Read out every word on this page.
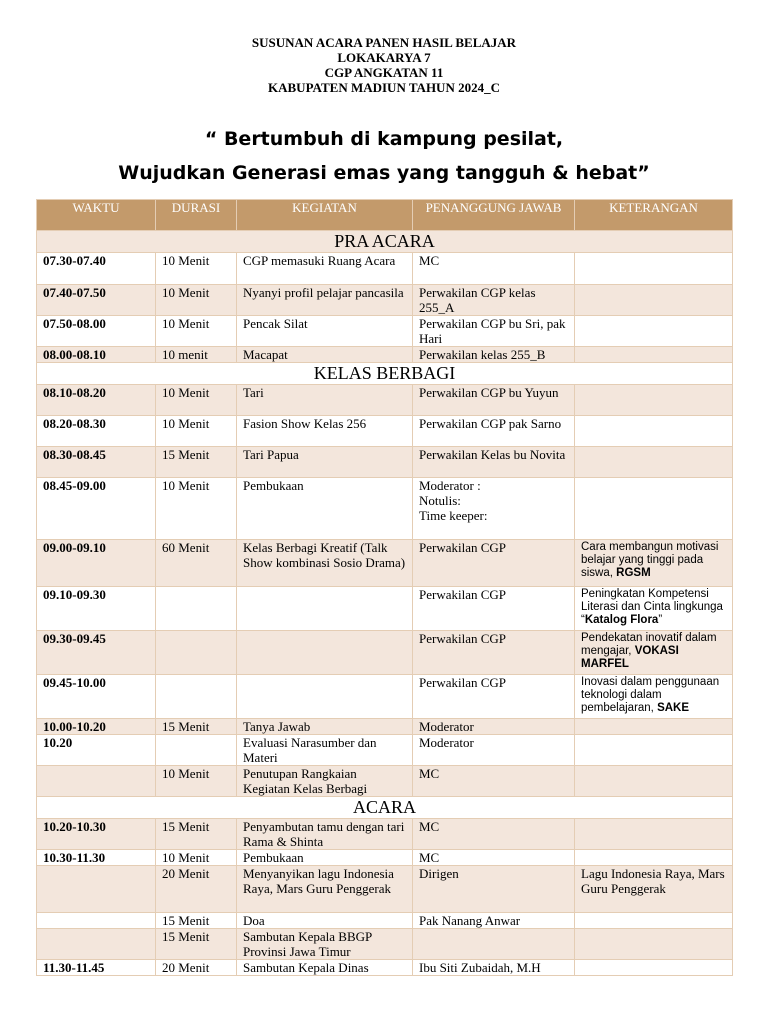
SUSUNAN ACARA PANEN HASIL BELAJAR
LOKAKARYA 7
CGP ANGKATAN 11
KABUPATEN MADIUN TAHUN 2024_C
“ Bertumbuh di kampung pesilat,
Wujudkan Generasi emas yang tangguh & hebat”
WAKTU	DURASI	KEGIATAN	PENANGGUNG JAWAB	KETERANGAN
PRA ACARA				
07.30-07.40	10 Menit	CGP memasuki Ruang Acara	MC	
07.40-07.50	10 Menit	Nyanyi profil pelajar pancasila	Perwakilan CGP kelas 255_A	
07.50-08.00	10 Menit	Pencak Silat	Perwakilan CGP bu Sri, pak Hari	
08.00-08.10	10 menit	Macapat	Perwakilan kelas 255_B	
KELAS BERBAGI				
08.10-08.20	10 Menit	Tari	Perwakilan CGP bu Yuyun	
08.20-08.30	10 Menit	Fasion Show Kelas 256	Perwakilan CGP pak Sarno	
08.30-08.45	15 Menit	Tari Papua	Perwakilan Kelas bu Novita	
08.45-09.00	10 Menit	Pembukaan	Moderator :
Notulis:
Time keeper:	

09.00-09.10	60 Menit	Kelas Berbagi Kreatif (Talk Show kombinasi Sosio Drama)	Perwakilan CGP	Cara membangun motivasi belajar yang tinggi pada siswa, RGSM
09.10-09.30			Perwakilan CGP	Peningkatan Kompetensi Literasi dan Cinta lingkunga “Katalog Flora”
09.30-09.45			Perwakilan CGP	Pendekatan inovatif dalam mengajar, VOKASI MARFEL
09.45-10.00			Perwakilan CGP	Inovasi dalam penggunaan teknologi dalam pembelajaran, SAKE
10.00-10.20	15 Menit	Tanya Jawab	Moderator	
10.20		Evaluasi Narasumber dan Materi	Moderator	
	10 Menit	Penutupan Rangkaian Kegiatan Kelas Berbagi	MC	
ACARA				
10.20-10.30	15 Menit	Penyambutan tamu dengan tari Rama & Shinta	MC	
10.30-11.30	10 Menit	Pembukaan	MC	
	20 Menit	Menyanyikan lagu Indonesia Raya, Mars Guru Penggerak	Dirigen	Lagu Indonesia Raya, Mars Guru Penggerak
	15 Menit	Doa	Pak Nanang Anwar	
	15 Menit	Sambutan Kepala BBGP Provinsi Jawa Timur		
11.30-11.45	20 Menit	Sambutan Kepala Dinas	Ibu Siti Zubaidah, M.H	
